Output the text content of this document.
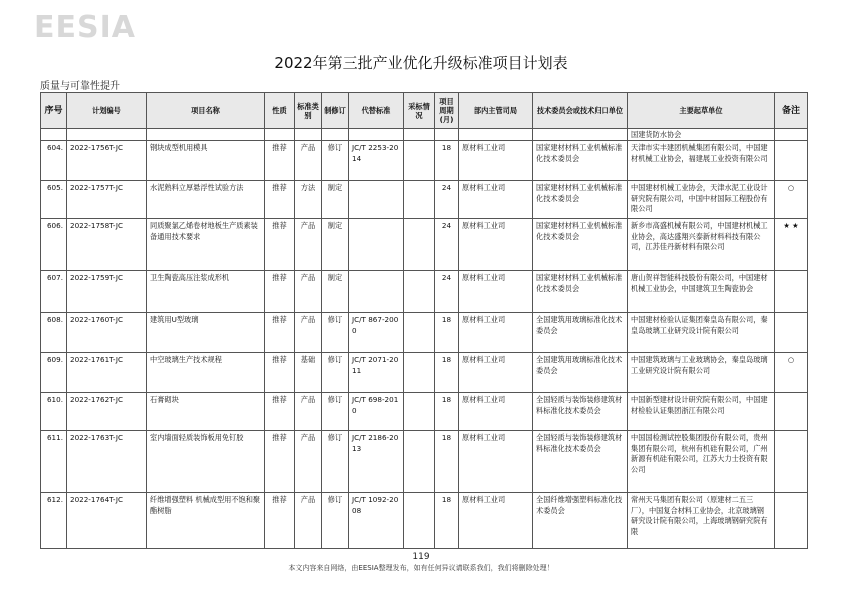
EESIA
2022年第三批产业优化升级标准项目计划表
质量与可靠性提升
序号	计划编号	项目名称	性质	标准类别	制修订	代替标准	采标情况	项目周期(月)	部内主管司局	技术委员会或技术归口单位	主要起草单位	备注
											国建货防水协会	
604.	2022-1756T-JC	钢块成型机用模具	推荐	产品	修订	JC/T 2253-2014		18	原材料工业司	国家建材材料工业机械标准化技术委员会	天津市实丰建团机械集团有限公司，中国建材机械工业协会，福建展工业投资有限公司	
605.	2022-1757T-JC	水泥熟料立厚悬浮性试验方法	推荐	方法	制定			24	原材料工业司	国家建材材料工业机械标准化技术委员会	中国建材机械工业协会，天津水泥工业设计研究院有限公司，中国中材国际工程股份有限公司	○
606.	2022-1758T-JC	同质聚氯乙烯卷材地板生产质素装备通用技术要求	推荐	产品	制定			24	原材料工业司	国家建材材料工业机械标准化技术委员会	新乡市高盛机械有限公司，中国建材机械工业协会，高达盛翔兴泰新材料科技有限公司，江苏佳丹新材料有限公司	★ ★
607.	2022-1759T-JC	卫生陶瓷高压注浆成形机	推荐	产品	制定			24	原材料工业司	国家建材材料工业机械标准化技术委员会	唐山贺祥智能科技股份有限公司，中国建材机械工业协会，中国建筑卫生陶瓷协会	
608.	2022-1760T-JC	建筑用U型玻璃	推荐	产品	修订	JC/T 867-2000		18	原材料工业司	全国建筑用玻璃标准化技术委员会	中国建材检验认证集团秦皇岛有限公司，秦皇岛玻璃工业研究设计院有限公司	
609.	2022-1761T-JC	中空玻璃生产技术规程	推荐	基础	修订	JC/T 2071-2011		18	原材料工业司	全国建筑用玻璃标准化技术委员会	中国建筑玻璃与工业玻璃协会，秦皇岛玻璃工业研究设计院有限公司	○
610.	2022-1762T-JC	石膏砌块	推荐	产品	修订	JC/T 698-2010		18	原材料工业司	全国轻质与装饰装修建筑材料标准化技术委员会	中国新型建材设计研究院有限公司，中国建材检验认证集团浙江有限公司	
611.	2022-1763T-JC	室内墙面轻质装饰板用免钉胶	推荐	产品	修订	JC/T 2186-2013		18	原材料工业司	全国轻质与装饰装修建筑材料标准化技术委员会	中国国检测试控股集团股份有限公司，贵州集团有限公司，杭州有机硅有限公司，广州新源有机硅有限公司，江苏大力士投资有限公司	
612.	2022-1764T-JC	纤维增强塑料 机械成型用不饱和聚酯树脂	推荐	产品	修订	JC/T 1092-2008		18	原材料工业司	全国纤维增强塑料标准化技术委员会	常州天马集团有限公司（原建材二五三厂），中国复合材料工业协会，北京玻璃钢研究设计院有限公司，上海玻璃钢研究院有限	
119
本文内容来自网络，由EESIA整理发布，如有任何异议请联系我们，我们将删除处理！
